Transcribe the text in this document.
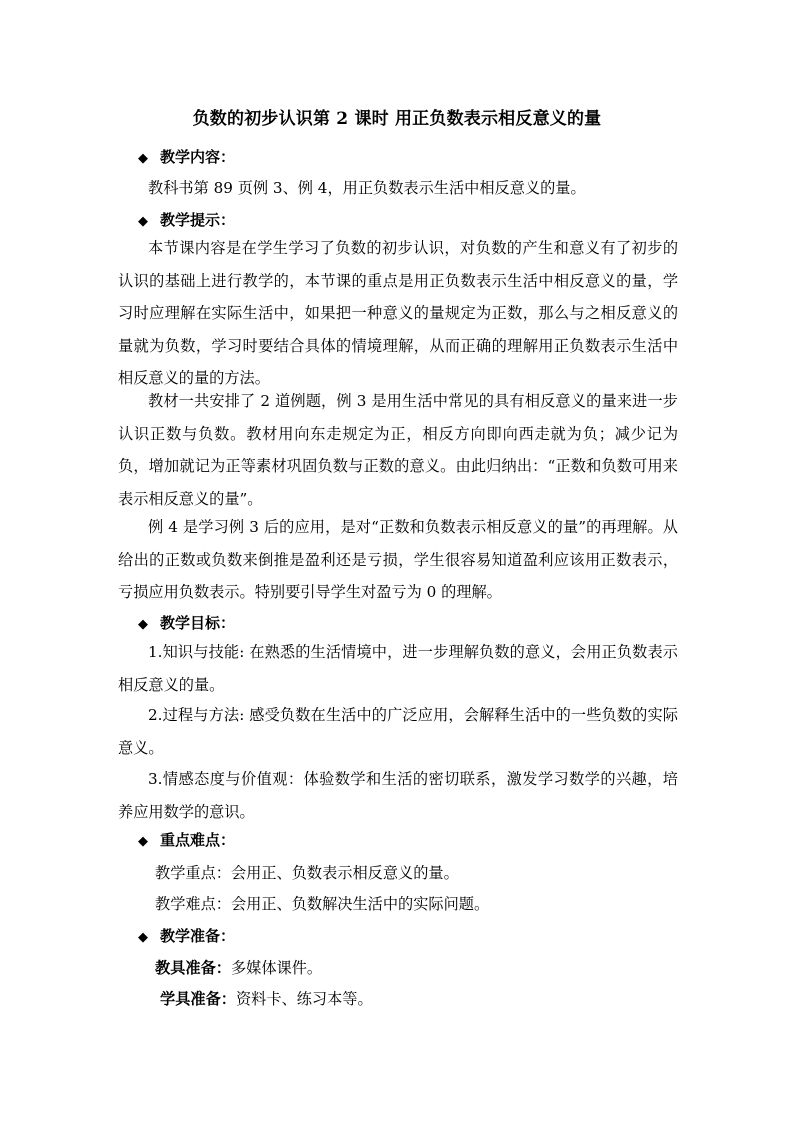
负数的初步认识第 2 课时 用正负数表示相反意义的量
◆ 教学内容：
教科书第 89 页例 3、例 4，用正负数表示生活中相反意义的量。
◆ 教学提示：

本节课内容是在学生学习了负数的初步认识，对负数的产生和意义有了初步的认识的基础上进行教学的，本节课的重点是用正负数表示生活中相反意义的量，学习时应理解在实际生活中，如果把一种意义的量规定为正数，那么与之相反意义的量就为负数，学习时要结合具体的情境理解，从而正确的理解用正负数表示生活中相反意义的量的方法。

教材一共安排了 2 道例题，例 3 是用生活中常见的具有相反意义的量来进一步认识正数与负数。教材用向东走规定为正，相反方向即向西走就为负；减少记为负，增加就记为正等素材巩固负数与正数的意义。由此归纳出：“正数和负数可用来表示相反意义的量”。

例 4 是学习例 3 后的应用，是对“正数和负数表示相反意义的量”的再理解。从给出的正数或负数来倒推是盈利还是亏损，学生很容易知道盈利应该用正数表示，亏损应用负数表示。特别要引导学生对盈亏为 0 的理解。

◆ 教学目标：

1.知识与技能: 在熟悉的生活情境中，进一步理解负数的意义，会用正负数表示相反意义的量。

2.过程与方法: 感受负数在生活中的广泛应用，会解释生活中的一些负数的实际意义。

3.情感态度与价值观：体验数学和生活的密切联系，激发学习数学的兴趣，培养应用数学的意识。

◆ 重点难点：
教学重点：会用正、负数表示相反意义的量。
教学难点：会用正、负数解决生活中的实际问题。
◆ 教学准备：
教具准备：多媒体课件。
学具准备：资料卡、练习本等。
